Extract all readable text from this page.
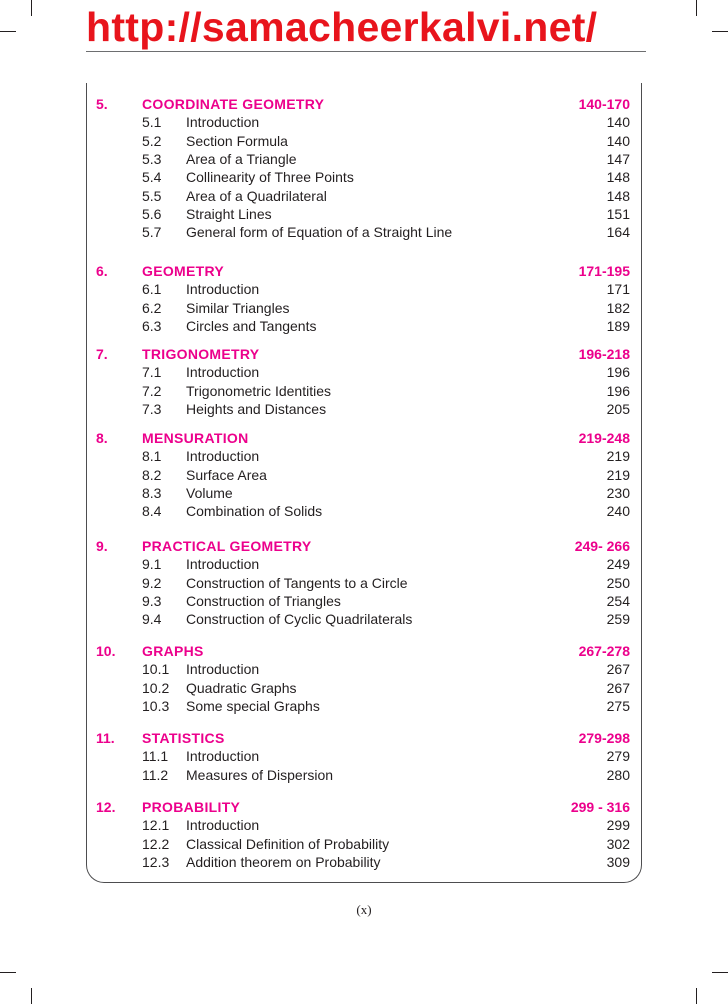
http://samacheerkalvi.net/
5. COORDINATE GEOMETRY	140-170
5.1 Introduction	140
5.2 Section Formula	140
5.3 Area of a Triangle	147
5.4 Collinearity of Three Points	148
5.5 Area of a Quadrilateral	148
5.6 Straight Lines	151
5.7 General form of Equation of a Straight Line	164
6. GEOMETRY	171-195
6.1 Introduction	171
6.2 Similar Triangles	182
6.3 Circles and Tangents	189
7. TRIGONOMETRY	196-218
7.1 Introduction	196
7.2 Trigonometric Identities	196
7.3 Heights and Distances	205
8. MENSURATION	219-248
8.1 Introduction	219
8.2 Surface Area	219
8.3 Volume	230
8.4 Combination of Solids	240
9. PRACTICAL GEOMETRY	249- 266
9.1 Introduction	249
9.2 Construction of Tangents to a Circle	250
9.3 Construction of Triangles	254
9.4 Construction of Cyclic Quadrilaterals	259
10. GRAPHS	267-278
10.1 Introduction	267
10.2 Quadratic Graphs	267
10.3 Some special Graphs	275
11. STATISTICS	279-298
11.1 Introduction	279
11.2 Measures of Dispersion	280
12. PROBABILITY	299 - 316
12.1 Introduction	299
12.2 Classical Definition of Probability	302
12.3 Addition theorem on Probability	309
(x)
